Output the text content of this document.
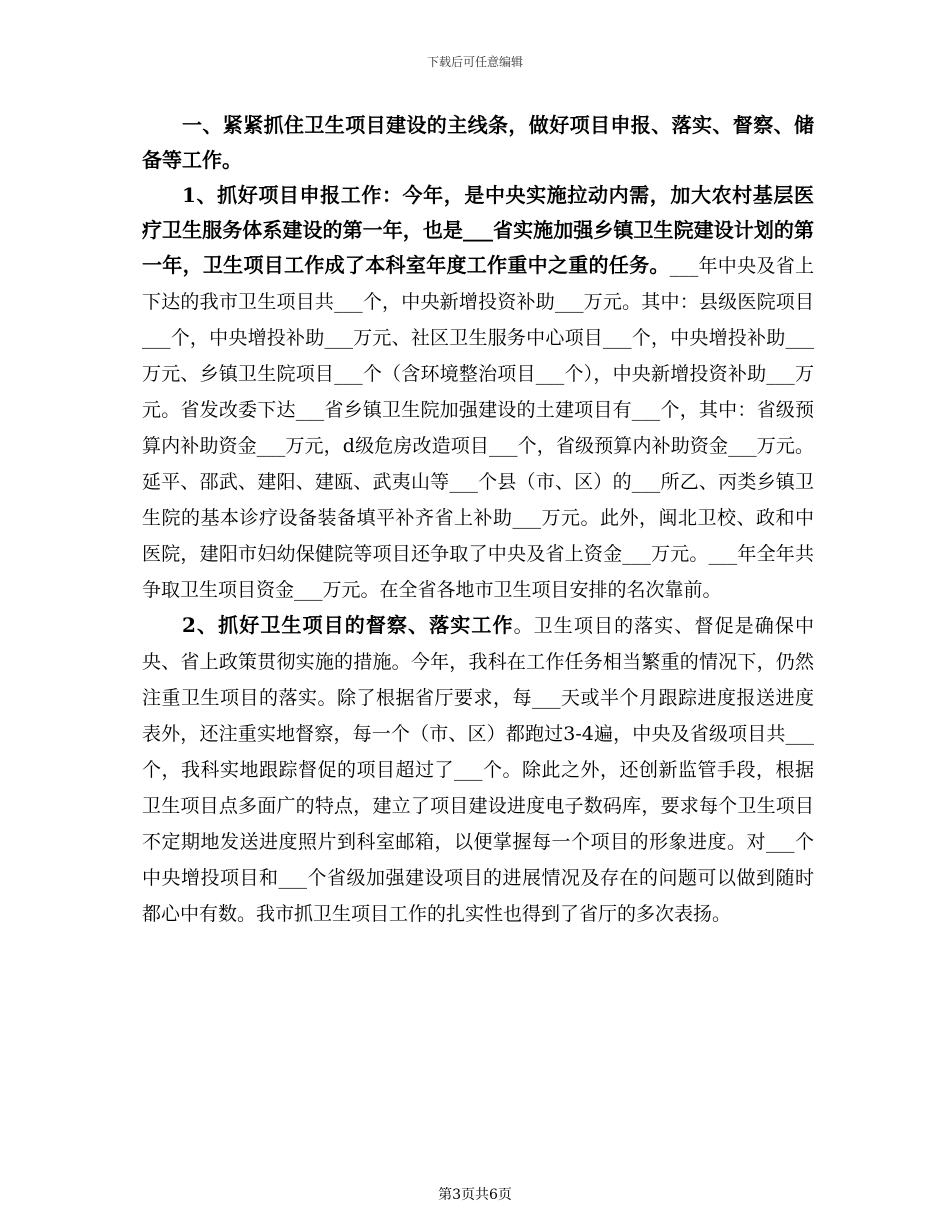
下载后可任意编辑

一、紧紧抓住卫生项目建设的主线条，做好项目申报、落实、督察、储备等工作。

1、抓好项目申报工作：今年，是中央实施拉动内需，加大农村基层医疗卫生服务体系建设的第一年，也是___省实施加强乡镇卫生院建设计划的第一年，卫生项目工作成了本科室年度工作重中之重的任务。___年中央及省上下达的我市卫生项目共___个，中央新增投资补助___万元。其中：县级医院项目___个，中央增投补助___万元、社区卫生服务中心项目___个，中央增投补助___万元、乡镇卫生院项目___个（含环境整治项目___个），中央新增投资补助___万元。省发改委下达___省乡镇卫生院加强建设的土建项目有___个，其中：省级预算内补助资金___万元，d级危房改造项目___个，省级预算内补助资金___万元。延平、邵武、建阳、建瓯、武夷山等___个县（市、区）的___所乙、丙类乡镇卫生院的基本诊疗设备装备填平补齐省上补助___万元。此外，闽北卫校、政和中医院，建阳市妇幼保健院等项目还争取了中央及省上资金___万元。___年全年共争取卫生项目资金___万元。在全省各地市卫生项目安排的名次靠前。

2、抓好卫生项目的督察、落实工作。卫生项目的落实、督促是确保中央、省上政策贯彻实施的措施。今年，我科在工作任务相当繁重的情况下，仍然注重卫生项目的落实。除了根据省厅要求，每___天或半个月跟踪进度报送进度表外，还注重实地督察，每一个（市、区）都跑过3-4遍，中央及省级项目共___个，我科实地跟踪督促的项目超过了___个。除此之外，还创新监管手段，根据卫生项目点多面广的特点，建立了项目建设进度电子数码库，要求每个卫生项目不定期地发送进度照片到科室邮箱，以便掌握每一个项目的形象进度。对___个中央增投项目和___个省级加强建设项目的进展情况及存在的问题可以做到随时都心中有数。我市抓卫生项目工作的扎实性也得到了省厅的多次表扬。

第3页共6页
